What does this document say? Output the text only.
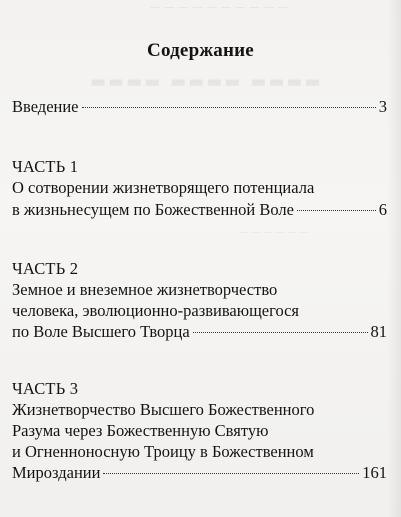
— — — — — — — — — —
▬▬▬▬ ▬▬▬▬ ▬▬▬▬
— — — — — —
Содержание
Введение	3
ЧАСТЬ 1
О сотворении жизнетворящего потенциала
в жизньнесущем по Божественной Воле	6
ЧАСТЬ 2
Земное и внеземное жизнетворчество
человека, эволюционно-развивающегося
по Воле Высшего Творца	81
ЧАСТЬ 3
Жизнетворчество Высшего Божественного
Разума через Божественную Святую
и Огненноносную Троицу в Божественном
Мироздании	161
